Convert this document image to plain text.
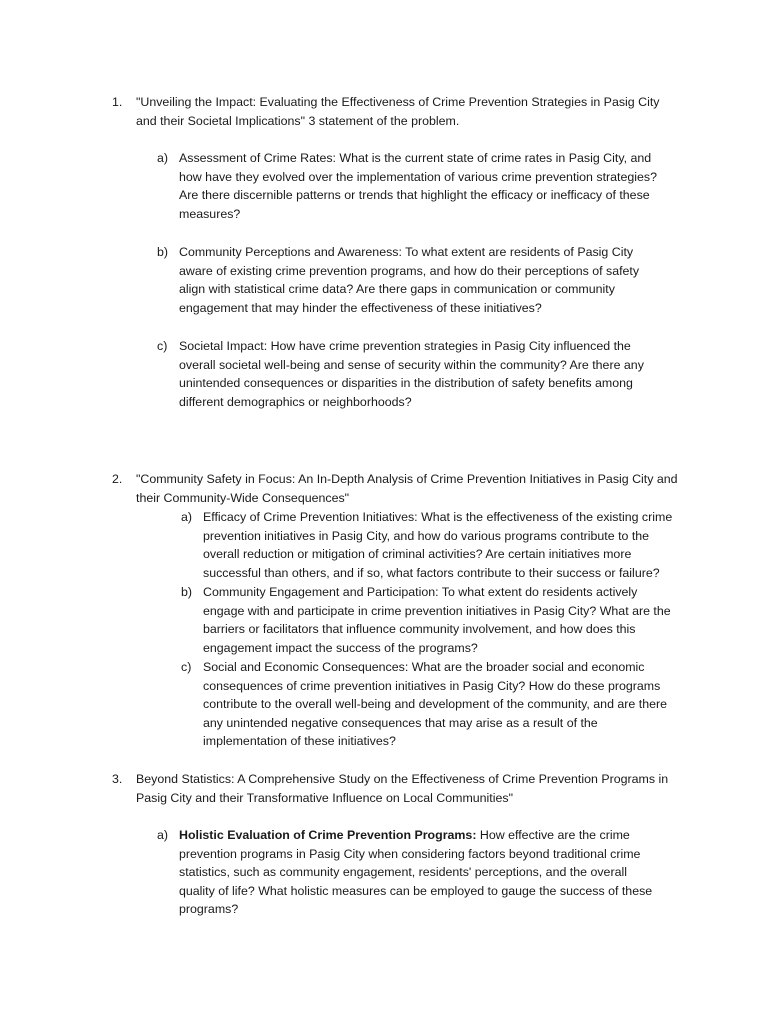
1.	"Unveiling the Impact: Evaluating the Effectiveness of Crime Prevention Strategies in Pasig City and their Societal Implications" 3 statement of the problem.
a) Assessment of Crime Rates: What is the current state of crime rates in Pasig City, and how have they evolved over the implementation of various crime prevention strategies? Are there discernible patterns or trends that highlight the efficacy or inefficacy of these measures?
b) Community Perceptions and Awareness: To what extent are residents of Pasig City aware of existing crime prevention programs, and how do their perceptions of safety align with statistical crime data? Are there gaps in communication or community engagement that may hinder the effectiveness of these initiatives?
c) Societal Impact: How have crime prevention strategies in Pasig City influenced the overall societal well-being and sense of security within the community? Are there any unintended consequences or disparities in the distribution of safety benefits among different demographics or neighborhoods?
2.	"Community Safety in Focus: An In-Depth Analysis of Crime Prevention Initiatives in Pasig City and their Community-Wide Consequences"
a) Efficacy of Crime Prevention Initiatives: What is the effectiveness of the existing crime prevention initiatives in Pasig City, and how do various programs contribute to the overall reduction or mitigation of criminal activities? Are certain initiatives more successful than others, and if so, what factors contribute to their success or failure?
b) Community Engagement and Participation: To what extent do residents actively engage with and participate in crime prevention initiatives in Pasig City? What are the barriers or facilitators that influence community involvement, and how does this engagement impact the success of the programs?
c) Social and Economic Consequences: What are the broader social and economic consequences of crime prevention initiatives in Pasig City? How do these programs contribute to the overall well-being and development of the community, and are there any unintended negative consequences that may arise as a result of the implementation of these initiatives?
3.	Beyond Statistics: A Comprehensive Study on the Effectiveness of Crime Prevention Programs in Pasig City and their Transformative Influence on Local Communities"
a) Holistic Evaluation of Crime Prevention Programs: How effective are the crime prevention programs in Pasig City when considering factors beyond traditional crime statistics, such as community engagement, residents' perceptions, and the overall quality of life? What holistic measures can be employed to gauge the success of these programs?
